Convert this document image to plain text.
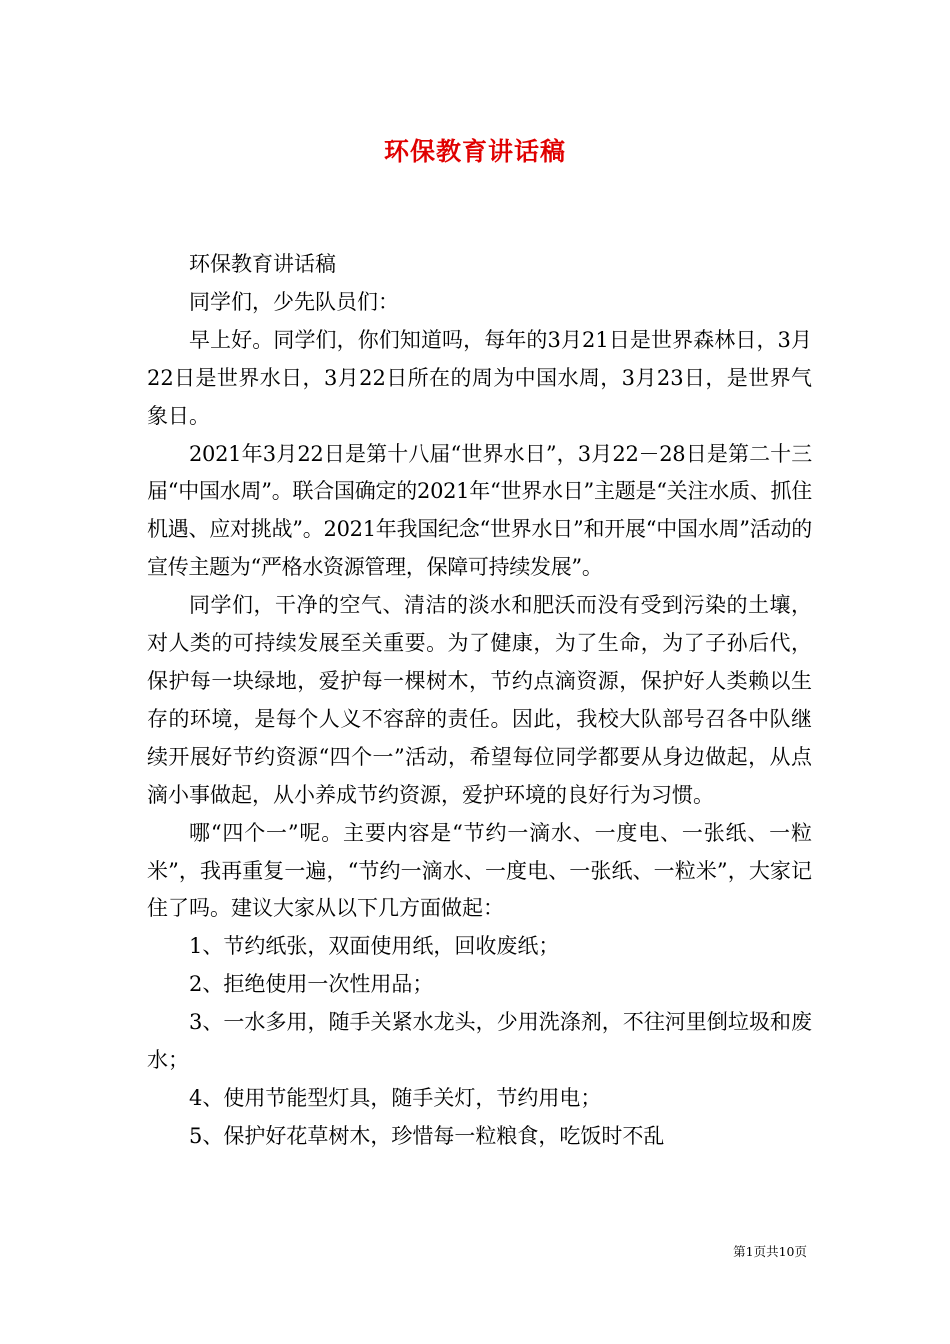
环保教育讲话稿

环保教育讲话稿

同学们，少先队员们：

早上好。同学们，你们知道吗，每年的3月21日是世界森林日，3月22日是世界水日，3月22日所在的周为中国水周，3月23日，是世界气象日。

2021年3月22日是第十八届“世界水日”，3月22－28日是第二十三届“中国水周”。联合国确定的2021年“世界水日”主题是“关注水质、抓住机遇、应对挑战”。2021年我国纪念“世界水日”和开展“中国水周”活动的宣传主题为“严格水资源管理，保障可持续发展”。

同学们，干净的空气、清洁的淡水和肥沃而没有受到污染的土壤，对人类的可持续发展至关重要。为了健康，为了生命，为了子孙后代，保护每一块绿地，爱护每一棵树木，节约点滴资源，保护好人类赖以生存的环境，是每个人义不容辞的责任。因此，我校大队部号召各中队继续开展好节约资源“四个一”活动，希望每位同学都要从身边做起，从点滴小事做起，从小养成节约资源，爱护环境的良好行为习惯。

哪“四个一”呢。主要内容是“节约一滴水、一度电、一张纸、一粒米”，我再重复一遍，“节约一滴水、一度电、一张纸、一粒米”，大家记住了吗。建议大家从以下几方面做起：

1、节约纸张，双面使用纸，回收废纸；

2、拒绝使用一次性用品；

3、一水多用，随手关紧水龙头，少用洗涤剂，不往河里倒垃圾和废水；

4、使用节能型灯具，随手关灯，节约用电；

5、保护好花草树木，珍惜每一粒粮食，吃饭时不乱

第1页共10页
